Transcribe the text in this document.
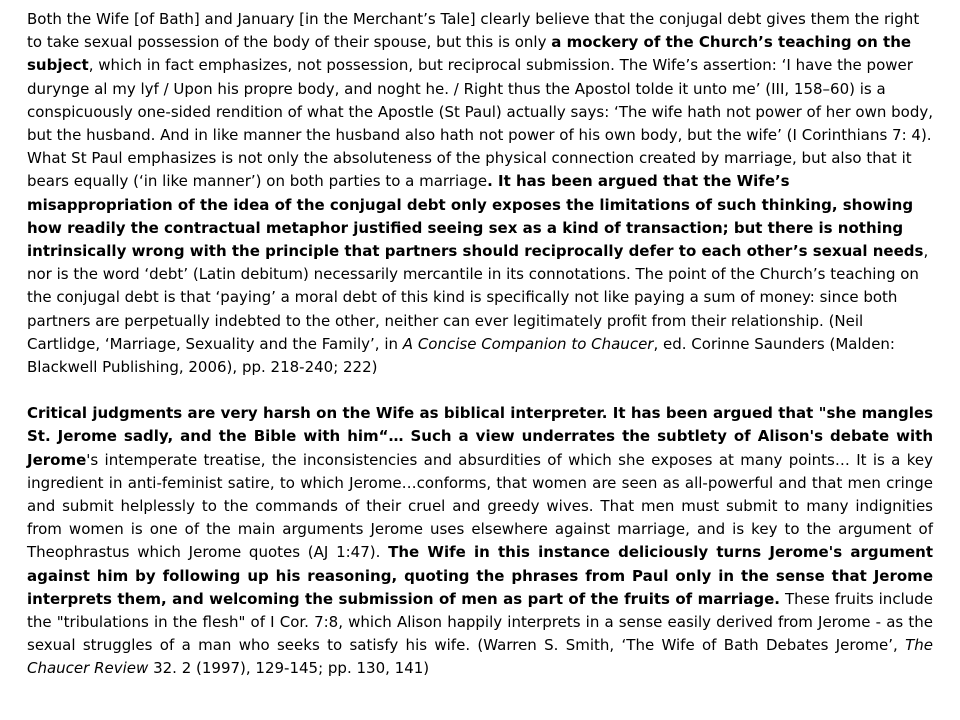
Both the Wife [of Bath] and January [in the Merchant’s Tale] clearly believe that the conjugal debt gives them the right to take sexual possession of the body of their spouse, but this is only a mockery of the Church’s teaching on the subject, which in fact emphasizes, not possession, but reciprocal submission. The Wife’s assertion: ‘I have the power durynge al my lyf / Upon his propre body, and noght he. / Right thus the Apostol tolde it unto me’ (III, 158–60) is a conspicuously one-sided rendition of what the Apostle (St Paul) actually says: ‘The wife hath not power of her own body, but the husband. And in like manner the husband also hath not power of his own body, but the wife’ (I Corinthians 7: 4). What St Paul emphasizes is not only the absoluteness of the physical connection created by marriage, but also that it bears equally (‘in like manner’) on both parties to a marriage. It has been argued that the Wife’s misappropriation of the idea of the conjugal debt only exposes the limitations of such thinking, showing how readily the contractual metaphor justified seeing sex as a kind of transaction; but there is nothing intrinsically wrong with the principle that partners should reciprocally defer to each other’s sexual needs, nor is the word ‘debt’ (Latin debitum) necessarily mercantile in its connotations. The point of the Church’s teaching on the conjugal debt is that ‘paying’ a moral debt of this kind is specifically not like paying a sum of money: since both partners are perpetually indebted to the other, neither can ever legitimately profit from their relationship. (Neil Cartlidge, ‘Marriage, Sexuality and the Family’, in A Concise Companion to Chaucer, ed. Corinne Saunders (Malden: Blackwell Publishing, 2006), pp. 218-240; 222)

Critical judgments are very harsh on the Wife as biblical interpreter. It has been argued that "she mangles St. Jerome sadly, and the Bible with him“… Such a view underrates the subtlety of Alison's debate with Jerome's intemperate treatise, the inconsistencies and absurdities of which she exposes at many points… It is a key ingredient in anti-feminist satire, to which Jerome…conforms, that women are seen as all-powerful and that men cringe and submit helplessly to the commands of their cruel and greedy wives. That men must submit to many indignities from women is one of the main arguments Jerome uses elsewhere against marriage, and is key to the argument of Theophrastus which Jerome quotes (AJ 1:47). The Wife in this instance deliciously turns Jerome's argument against him by following up his reasoning, quoting the phrases from Paul only in the sense that Jerome interprets them, and welcoming the submission of men as part of the fruits of marriage. These fruits include the "tribulations in the flesh" of I Cor. 7:8, which Alison happily interprets in a sense easily derived from Jerome - as the sexual struggles of a man who seeks to satisfy his wife. (Warren S. Smith, ‘The Wife of Bath Debates Jerome’, The Chaucer Review 32. 2 (1997), 129-145; pp. 130, 141)
